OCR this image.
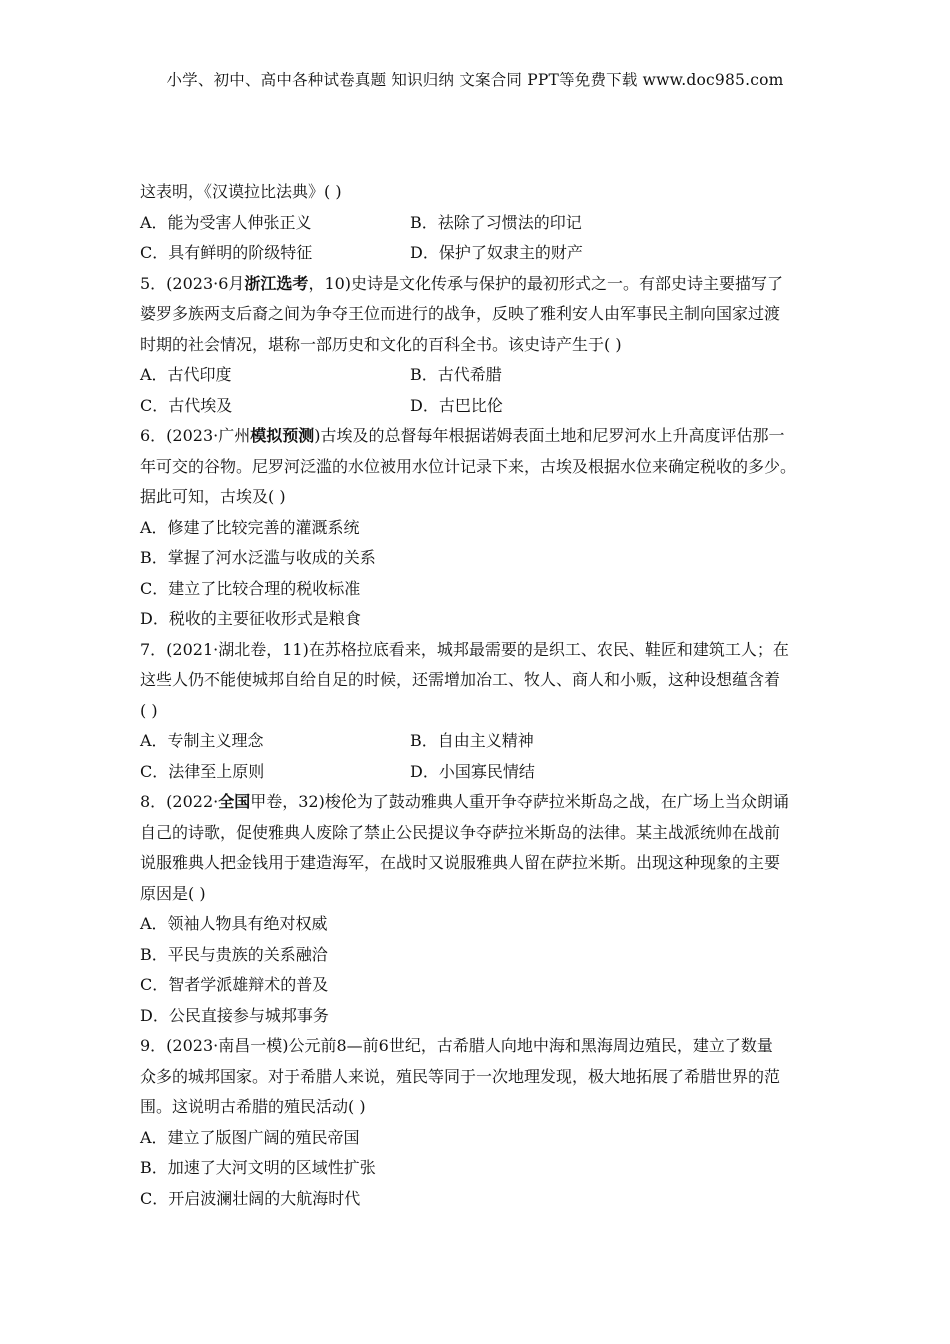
小学、初中、高中各种试卷真题 知识归纳 文案合同 PPT等免费下载 www.doc985.com
这表明，《汉谟拉比法典》( )
A．能为受害人伸张正义	B．祛除了习惯法的印记
C．具有鲜明的阶级特征	D．保护了奴隶主的财产
5．(2023·6月浙江选考，10)史诗是文化传承与保护的最初形式之一。有部史诗主要描写了
婆罗多族两支后裔之间为争夺王位而进行的战争，反映了雅利安人由军事民主制向国家过渡
时期的社会情况，堪称一部历史和文化的百科全书。该史诗产生于( )
A．古代印度	B．古代希腊
C．古代埃及	D．古巴比伦
6．(2023·广州模拟预测)古埃及的总督每年根据诺姆表面土地和尼罗河水上升高度评估那一
年可交的谷物。尼罗河泛滥的水位被用水位计记录下来，古埃及根据水位来确定税收的多少。
据此可知，古埃及( )
A．修建了比较完善的灌溉系统
B．掌握了河水泛滥与收成的关系
C．建立了比较合理的税收标准
D．税收的主要征收形式是粮食
7．(2021·湖北卷，11)在苏格拉底看来，城邦最需要的是织工、农民、鞋匠和建筑工人；在
这些人仍不能使城邦自给自足的时候，还需增加冶工、牧人、商人和小贩，这种设想蕴含着
( )
A．专制主义理念	B．自由主义精神
C．法律至上原则	D．小国寡民情结
8．(2022·全国甲卷，32)梭伦为了鼓动雅典人重开争夺萨拉米斯岛之战，在广场上当众朗诵
自己的诗歌，促使雅典人废除了禁止公民提议争夺萨拉米斯岛的法律。某主战派统帅在战前
说服雅典人把金钱用于建造海军，在战时又说服雅典人留在萨拉米斯。出现这种现象的主要
原因是( )
A．领袖人物具有绝对权威
B．平民与贵族的关系融洽
C．智者学派雄辩术的普及
D．公民直接参与城邦事务
9．(2023·南昌一模)公元前8—前6世纪，古希腊人向地中海和黑海周边殖民，建立了数量
众多的城邦国家。对于希腊人来说，殖民等同于一次地理发现，极大地拓展了希腊世界的范
围。这说明古希腊的殖民活动( )
A．建立了版图广阔的殖民帝国
B．加速了大河文明的区域性扩张
C．开启波澜壮阔的大航海时代
